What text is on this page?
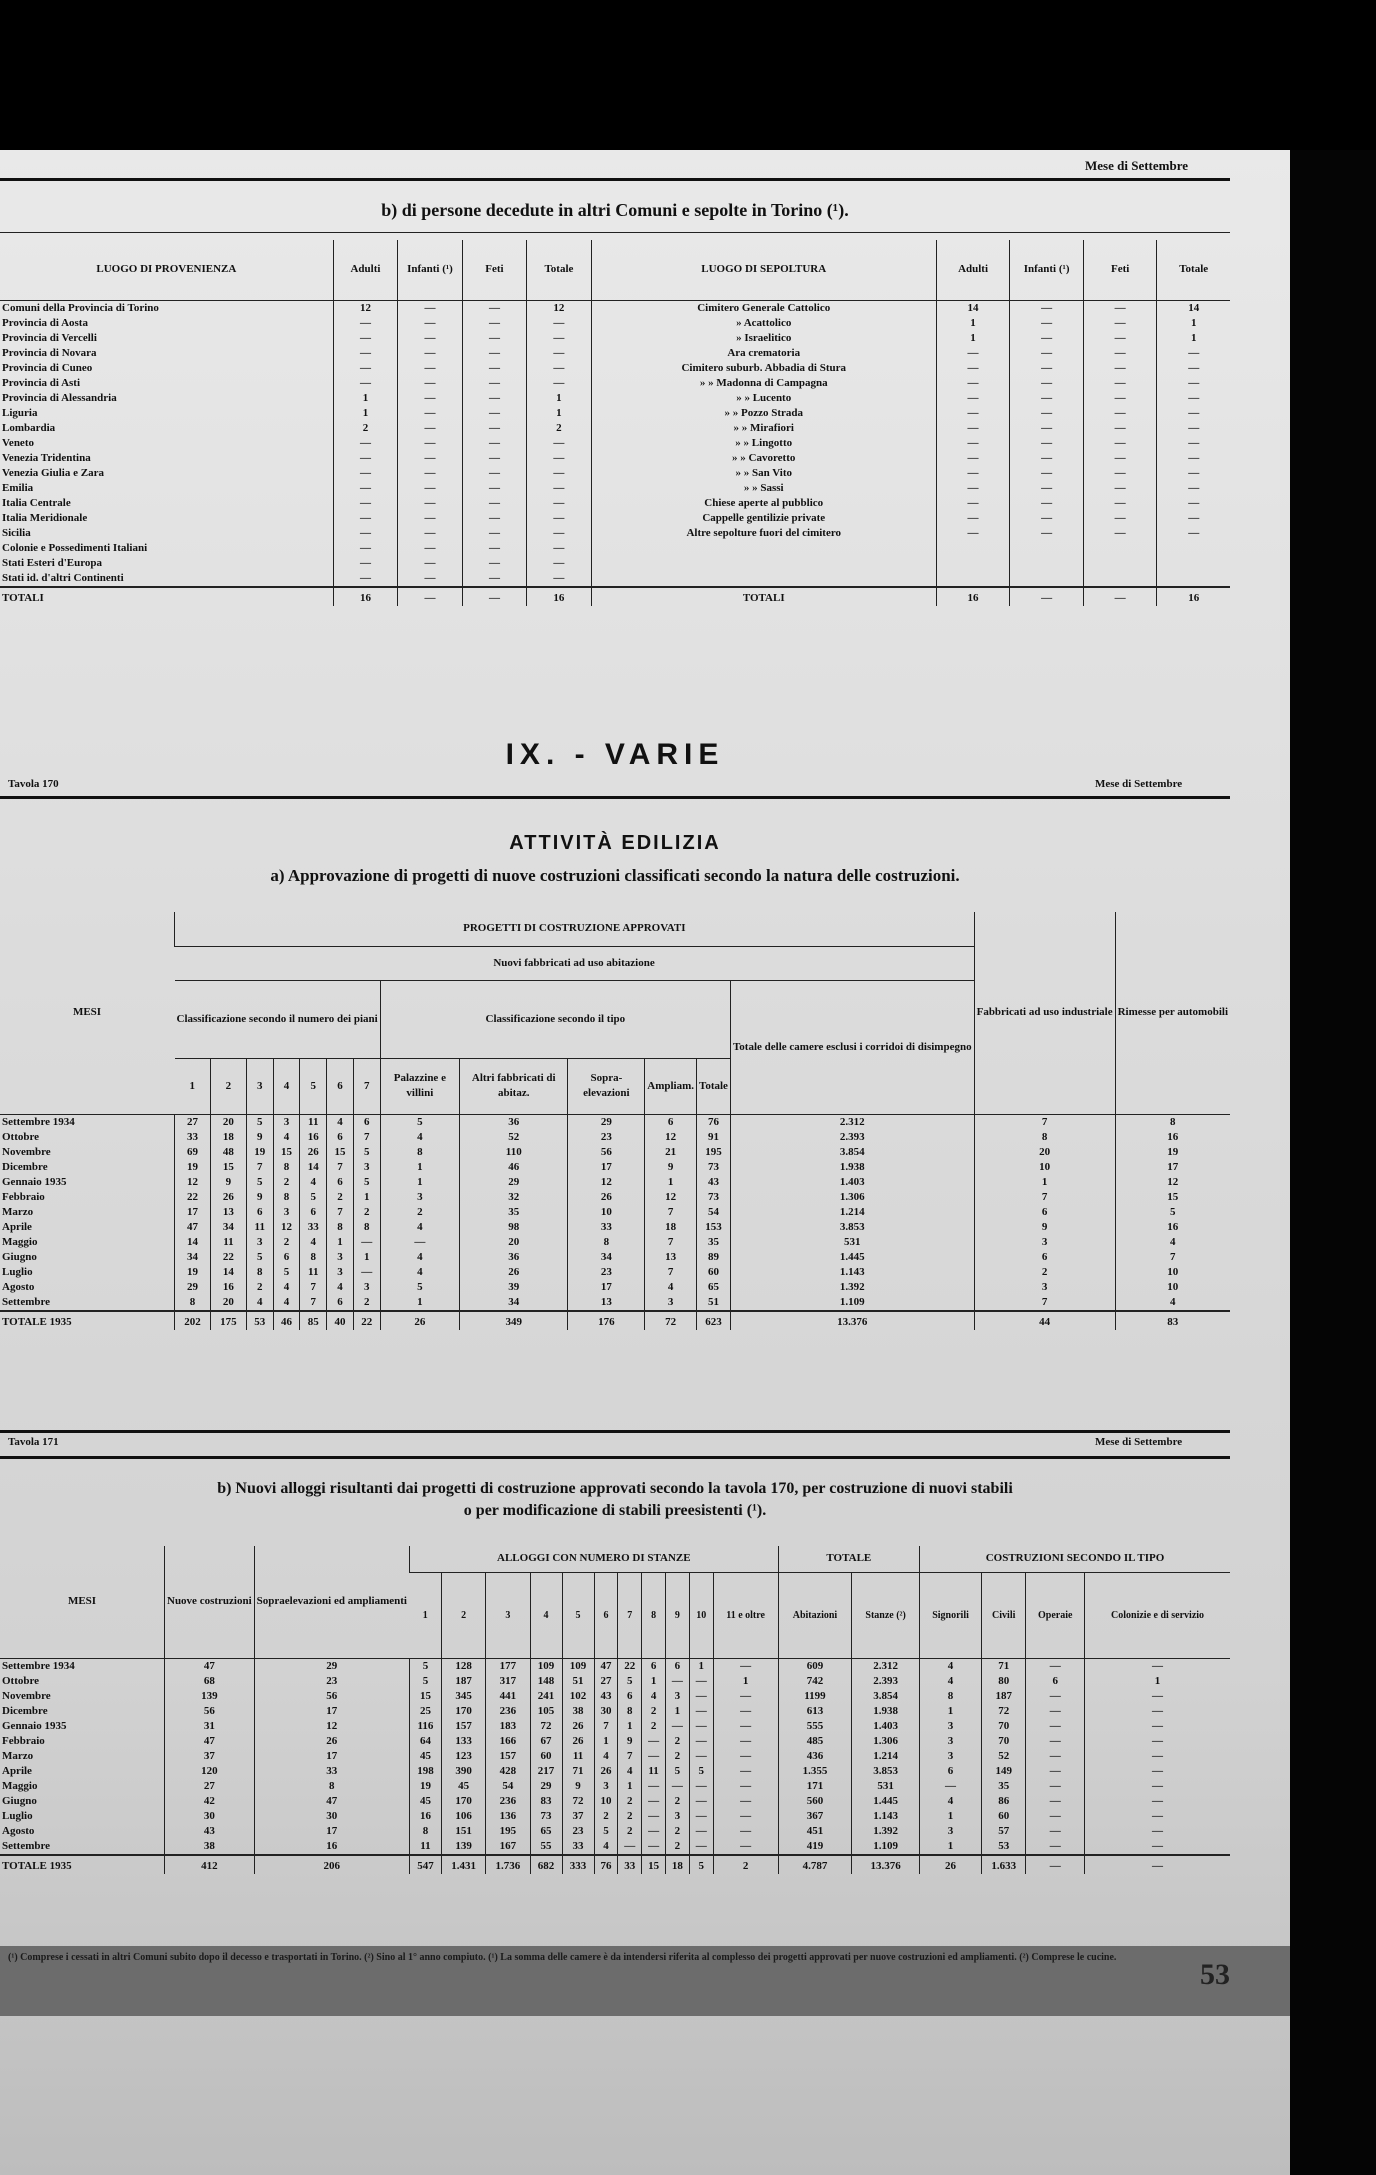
Mese di Settembre
b) di persone decedute in altri Comuni e sepolte in Torino (¹).
LUOGO DI PROVENIENZA	Adulti	Infanti (¹)	Feti	Totale	LUOGO DI SEPOLTURA	Adulti	Infanti (¹)	Feti	Totale
Comuni della Provincia di Torino	12	—	—	12	Cimitero Generale Cattolico	14	—	—	14
Provincia di Aosta	—	—	—	—	» Acattolico	1	—	—	1
Provincia di Vercelli	—	—	—	—	» Israelitico	1	—	—	1
Provincia di Novara	—	—	—	—	Ara crematoria	—	—	—	—
Provincia di Cuneo	—	—	—	—	Cimitero suburb. Abbadia di Stura	—	—	—	—
Provincia di Asti	—	—	—	—	» » Madonna di Campagna	—	—	—	—
Provincia di Alessandria	1	—	—	1	» » Lucento	—	—	—	—
Liguria	1	—	—	1	» » Pozzo Strada	—	—	—	—
Lombardia	2	—	—	2	» » Mirafiori	—	—	—	—
Veneto	—	—	—	—	» » Lingotto	—	—	—	—
Venezia Tridentina	—	—	—	—	» » Cavoretto	—	—	—	—
Venezia Giulia e Zara	—	—	—	—	» » San Vito	—	—	—	—
Emilia	—	—	—	—	» » Sassi	—	—	—	—
Italia Centrale	—	—	—	—	Chiese aperte al pubblico	—	—	—	—
Italia Meridionale	—	—	—	—	Cappelle gentilizie private	—	—	—	—
Sicilia	—	—	—	—	Altre sepolture fuori del cimitero	—	—	—	—
Colonie e Possedimenti Italiani	—	—	—	—					
Stati Esteri d'Europa	—	—	—	—					
Stati id. d'altri Continenti	—	—	—	—					
TOTALI	16	—	—	16	TOTALI	16	—	—	16
IX. - VARIE
Tavola 170	Mese di Settembre
ATTIVITÀ EDILIZIA
a) Approvazione di progetti di nuove costruzioni classificati secondo la natura delle costruzioni.
MESI	PROGETTI DI COSTRUZIONE APPROVATI													Fabbricati ad uso industriale	Rimesse per automobili
	Nuovi fabbricati ad uso abitazione														
	Classificazione secondo il numero dei piani							Classificazione secondo il tipo					Totale delle camere esclusi i corridoi di disimpegno		
	1	2	3	4	5	6	7	Palazzine e villini	Altri fabbricati di abitaz.	Sopra-elevazioni	Ampliam.	Totale			
Settembre 1934	27	20	5	3	11	4	6	5	36	29	6	76	2.312	7	8
Ottobre	33	18	9	4	16	6	7	4	52	23	12	91	2.393	8	16
Novembre	69	48	19	15	26	15	5	8	110	56	21	195	3.854	20	19
Dicembre	19	15	7	8	14	7	3	1	46	17	9	73	1.938	10	17
Gennaio 1935	12	9	5	2	4	6	5	1	29	12	1	43	1.403	1	12
Febbraio	22	26	9	8	5	2	1	3	32	26	12	73	1.306	7	15
Marzo	17	13	6	3	6	7	2	2	35	10	7	54	1.214	6	5
Aprile	47	34	11	12	33	8	8	4	98	33	18	153	3.853	9	16
Maggio	14	11	3	2	4	1	—	—	20	8	7	35	531	3	4
Giugno	34	22	5	6	8	3	1	4	36	34	13	89	1.445	6	7
Luglio	19	14	8	5	11	3	—	4	26	23	7	60	1.143	2	10
Agosto	29	16	2	4	7	4	3	5	39	17	4	65	1.392	3	10
Settembre	8	20	4	4	7	6	2	1	34	13	3	51	1.109	7	4
TOTALE 1935	202	175	53	46	85	40	22	26	349	176	72	623	13.376	44	83
Tavola 171	Mese di Settembre
b) Nuovi alloggi risultanti dai progetti di costruzione approvati secondo la tavola 170, per costruzione di nuovi stabili
o per modificazione di stabili preesistenti (¹).
MESI	Nuove costruzioni	Sopraelevazioni ed ampliamenti	ALLOGGI CON NUMERO DI STANZE											TOTALE		COSTRUZIONI SECONDO IL TIPO			
			1	2	3	4	5	6	7	8	9	10	11 e oltre	Abitazioni	Stanze (²)	Signorili	Civili	Operaie	Colonizie e di servizio
Settembre 1934	47	29	5	128	177	109	109	47	22	6	6	1	—	609	2.312	4	71	—	—
Ottobre	68	23	5	187	317	148	51	27	5	1	—	—	1	742	2.393	4	80	6	1
Novembre	139	56	15	345	441	241	102	43	6	4	3	—	—	1199	3.854	8	187	—	—
Dicembre	56	17	25	170	236	105	38	30	8	2	1	—	—	613	1.938	1	72	—	—
Gennaio 1935	31	12	116	157	183	72	26	7	1	2	—	—	—	555	1.403	3	70	—	—
Febbraio	47	26	64	133	166	67	26	1	9	—	2	—	—	485	1.306	3	70	—	—
Marzo	37	17	45	123	157	60	11	4	7	—	2	—	—	436	1.214	3	52	—	—
Aprile	120	33	198	390	428	217	71	26	4	11	5	5	—	1.355	3.853	6	149	—	—
Maggio	27	8	19	45	54	29	9	3	1	—	—	—	—	171	531	—	35	—	—
Giugno	42	47	45	170	236	83	72	10	2	—	2	—	—	560	1.445	4	86	—	—
Luglio	30	30	16	106	136	73	37	2	2	—	3	—	—	367	1.143	1	60	—	—
Agosto	43	17	8	151	195	65	23	5	2	—	2	—	—	451	1.392	3	57	—	—
Settembre	38	16	11	139	167	55	33	4	—	—	2	—	—	419	1.109	1	53	—	—
TOTALE 1935	412	206	547	1.431	1.736	682	333	76	33	15	18	5	2	4.787	13.376	26	1.633	—	—
(¹) Comprese i cessati in altri Comuni subito dopo il decesso e trasportati in Torino. (²) Sino al 1° anno compiuto. (¹) La somma delle camere è da intendersi riferita al complesso dei progetti approvati per nuove costruzioni ed ampliamenti. (²) Comprese le cucine.
53
